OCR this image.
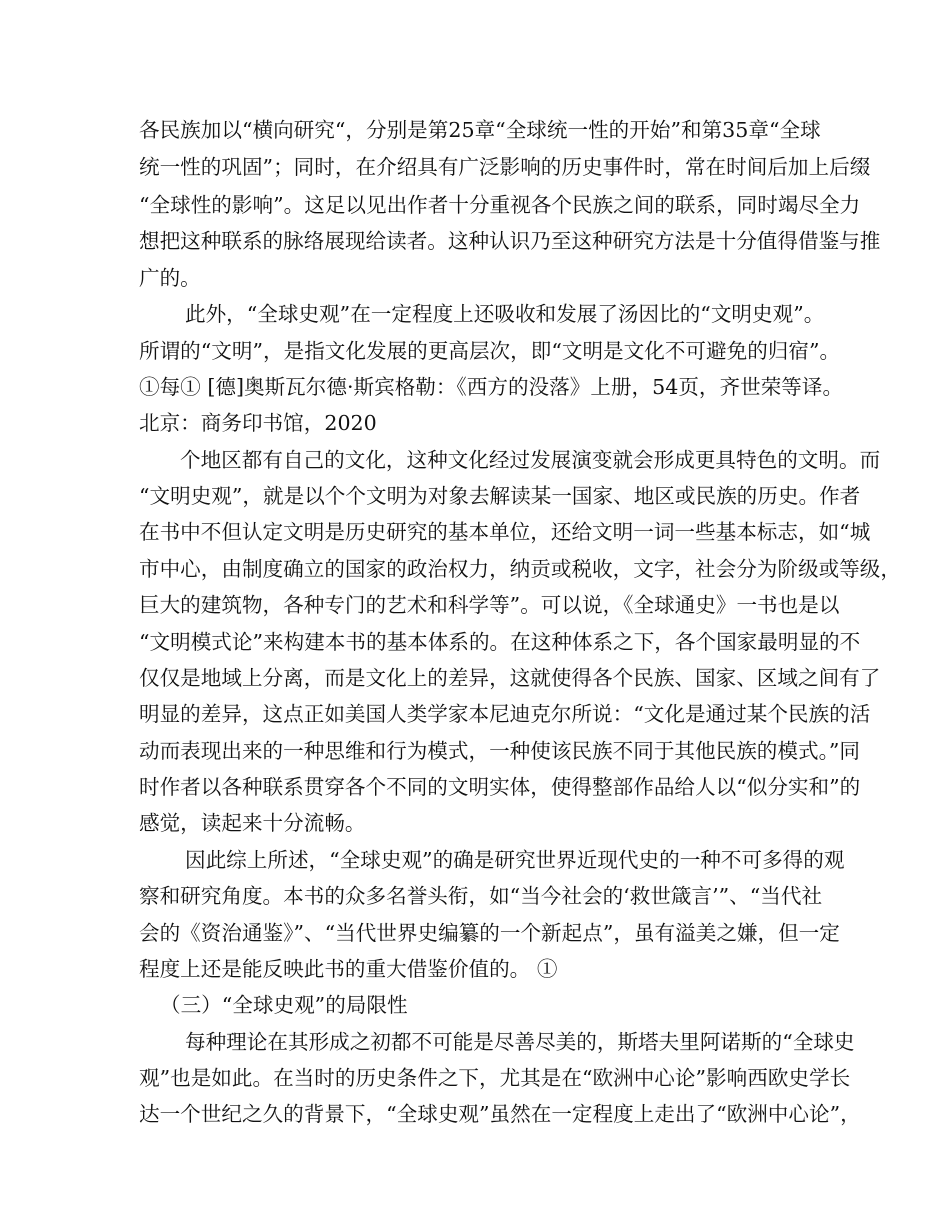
各民族加以“横向研究“，分别是第25章“全球统一性的开始”和第35章“全球
统一性的巩固”；同时，在介绍具有广泛影响的历史事件时，常在时间后加上后缀
“全球性的影响”。这足以见出作者十分重视各个民族之间的联系，同时竭尽全力
想把这种联系的脉络展现给读者。这种认识乃至这种研究方法是十分值得借鉴与推
广的。
此外，“全球史观”在一定程度上还吸收和发展了汤因比的“文明史观”。
所谓的“文明”，是指文化发展的更高层次，即“文明是文化不可避免的归宿”。
①每① [德]奥斯瓦尔德·斯宾格勒：《西方的没落》上册，54页，齐世荣等译。
北京：商务印书馆，2020
个地区都有自己的文化，这种文化经过发展演变就会形成更具特色的文明。而
“文明史观”，就是以个个文明为对象去解读某一国家、地区或民族的历史。作者
在书中不但认定文明是历史研究的基本单位，还给文明一词一些基本标志，如“城
市中心，由制度确立的国家的政治权力，纳贡或税收，文字，社会分为阶级或等级，
巨大的建筑物，各种专门的艺术和科学等”。可以说，《全球通史》一书也是以
“文明模式论”来构建本书的基本体系的。在这种体系之下，各个国家最明显的不
仅仅是地域上分离，而是文化上的差异，这就使得各个民族、国家、区域之间有了
明显的差异，这点正如美国人类学家本尼迪克尔所说：“文化是通过某个民族的活
动而表现出来的一种思维和行为模式，一种使该民族不同于其他民族的模式。”同
时作者以各种联系贯穿各个不同的文明实体，使得整部作品给人以“似分实和”的
感觉，读起来十分流畅。
因此综上所述，“全球史观”的确是研究世界近现代史的一种不可多得的观
察和研究角度。本书的众多名誉头衔，如“当今社会的‘救世箴言’”、“当代社
会的《资治通鉴》”、“当代世界史编纂的一个新起点”，虽有溢美之嫌，但一定
程度上还是能反映此书的重大借鉴价值的。 ①
（三）“全球史观”的局限性
每种理论在其形成之初都不可能是尽善尽美的，斯塔夫里阿诺斯的“全球史
观”也是如此。在当时的历史条件之下，尤其是在“欧洲中心论”影响西欧史学长
达一个世纪之久的背景下，“全球史观”虽然在一定程度上走出了“欧洲中心论”，
